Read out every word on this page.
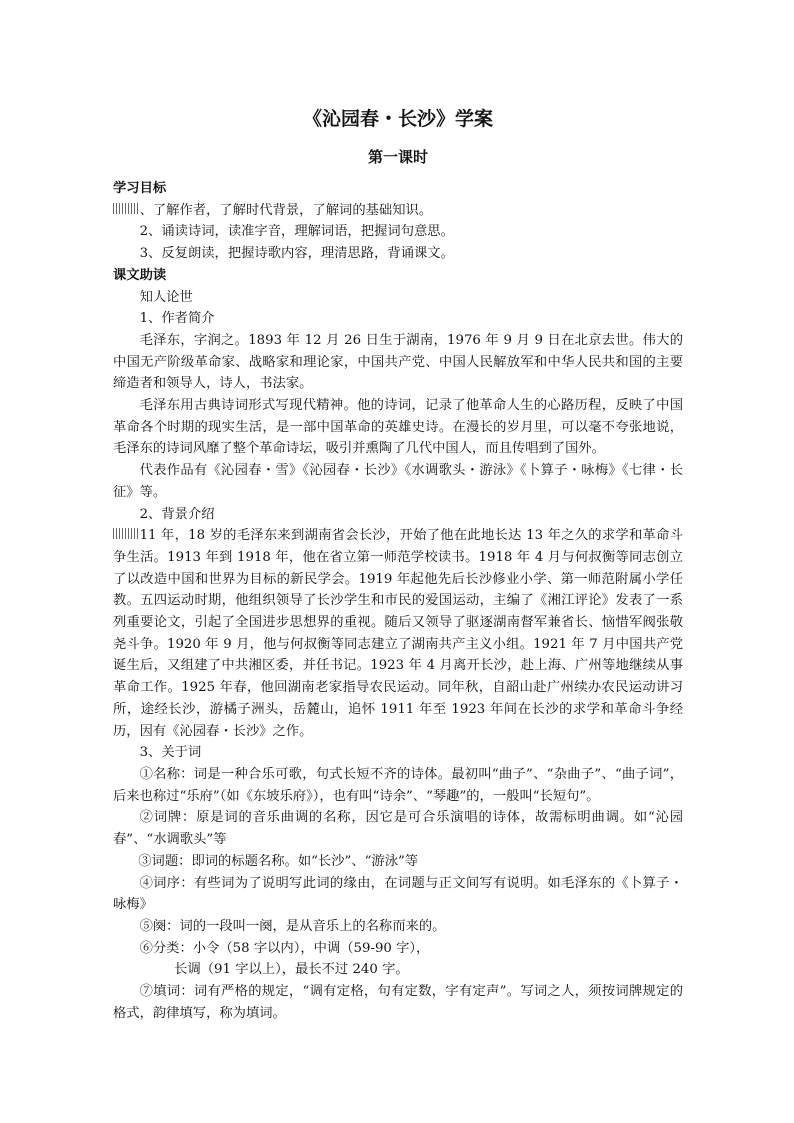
《沁园春・长沙》学案
第一课时
学习目标

、了解作者，了解时代背景，了解词的基础知识。

2、诵读诗词，读准字音，理解词语，把握词句意思。

3、反复朗读，把握诗歌内容，理清思路，背诵课文。

课文助读

知人论世

1、作者简介

毛泽东，字润之。1893 年 12 月 26 日生于湖南，1976 年 9 月 9 日在北京去世。伟大的中国无产阶级革命家、战略家和理论家，中国共产党、中国人民解放军和中华人民共和国的主要缔造者和领导人，诗人，书法家。

毛泽东用古典诗词形式写现代精神。他的诗词，记录了他革命人生的心路历程，反映了中国革命各个时期的现实生活，是一部中国革命的英雄史诗。在漫长的岁月里，可以毫不夸张地说，毛泽东的诗词风靡了整个革命诗坛，吸引并熏陶了几代中国人，而且传唱到了国外。

代表作品有《沁园春・雪》《沁园春・长沙》《水调歌头・游泳》《卜算子・咏梅》《七律・长征》等。

2、背景介绍

11 年，18 岁的毛泽东来到湖南省会长沙，开始了他在此地长达 13 年之久的求学和革命斗争生活。1913 年到 1918 年，他在省立第一师范学校读书。1918 年 4 月与何叔衡等同志创立了以改造中国和世界为目标的新民学会。1919 年起他先后长沙修业小学、第一师范附属小学任教。五四运动时期，他组织领导了长沙学生和市民的爱国运动，主编了《湘江评论》发表了一系列重要论文，引起了全国进步思想界的重视。随后又领导了驱逐湖南督军兼省长、恼惜军阀张敬尧斗争。1920 年 9 月，他与何叔衡等同志建立了湖南共产主义小组。1921 年 7 月中国共产党诞生后，又组建了中共湘区委，并任书记。1923 年 4 月离开长沙，赴上海、广州等地继续从事革命工作。1925 年春，他回湖南老家指导农民运动。同年秋，自韶山赴广州续办农民运动讲习所，途经长沙，游橘子洲头，岳麓山，追怀 1911 年至 1923 年间在长沙的求学和革命斗争经历，因有《沁园春・长沙》之作。

3、关于词

①名称：词是一种合乐可歌，句式长短不齐的诗体。最初叫“曲子”、“杂曲子”、“曲子词”，后来也称过“乐府”（如《东坡乐府》），也有叫“诗余”、“琴趣”的，一般叫“长短句”。

②词牌：原是词的音乐曲调的名称，因它是可合乐演唱的诗体，故需标明曲调。如“沁园春”、“水调歌头”等

③词题：即词的标题名称。如“长沙”、“游泳”等

④词序：有些词为了说明写此词的缘由，在词题与正文间写有说明。如毛泽东的《卜算子・咏梅》

⑤阕：词的一段叫一阕，是从音乐上的名称而来的。

⑥分类：小令（58 字以内），中调（59-90 字），

长调（91 字以上），最长不过 240 字。

⑦填词：词有严格的规定，“调有定格，句有定数，字有定声”。写词之人，须按词牌规定的格式，韵律填写，称为填词。
